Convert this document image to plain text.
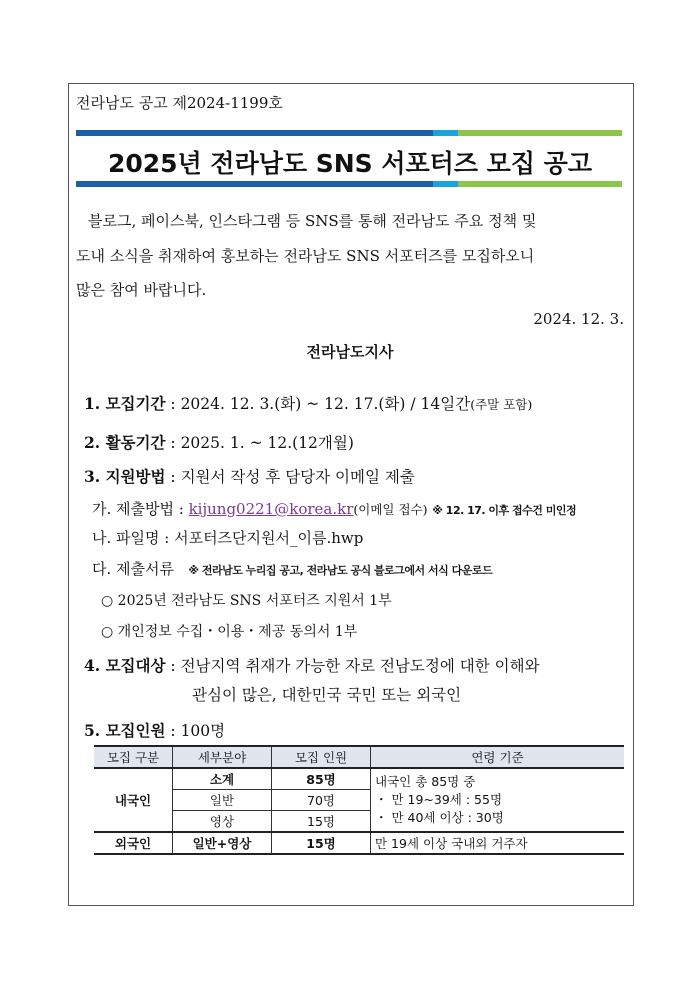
전라남도 공고 제2024-1199호
2025년 전라남도 SNS 서포터즈 모집 공고
블로그, 페이스북, 인스타그램 등 SNS를 통해 전라남도 주요 정책 및
도내 소식을 취재하여 홍보하는 전라남도 SNS 서포터즈를 모집하오니
많은 참여 바랍니다.
2024. 12. 3.
전라남도지사
1. 모집기간 : 2024. 12. 3.(화) ~ 12. 17.(화) / 14일간(주말 포함)
2. 활동기간 : 2025. 1. ~ 12.(12개월)
3. 지원방법 : 지원서 작성 후 담당자 이메일 제출
가. 제출방법 : kijung0221@korea.kr(이메일 접수) ※ 12. 17. 이후 접수건 미인정
나. 파일명 : 서포터즈단지원서_이름.hwp
다. 제출서류 ※ 전라남도 누리집 공고, 전라남도 공식 블로그에서 서식 다운로드
○ 2025년 전라남도 SNS 서포터즈 지원서 1부
○ 개인정보 수집・이용・제공 동의서 1부
4. 모집대상 : 전남지역 취재가 가능한 자로 전남도정에 대한 이해와
관심이 많은, 대한민국 국민 또는 외국인
5. 모집인원 : 100명
모집 구분	세부분야	모집 인원	연령 기준
내국인	소계	85명	내국인 총 85명 중
・ 만 19~39세 : 55명
・ 만 40세 이상 : 30명

	일반	70명	
	영상	15명	
외국인	일반+영상	15명	만 19세 이상 국내외 거주자
